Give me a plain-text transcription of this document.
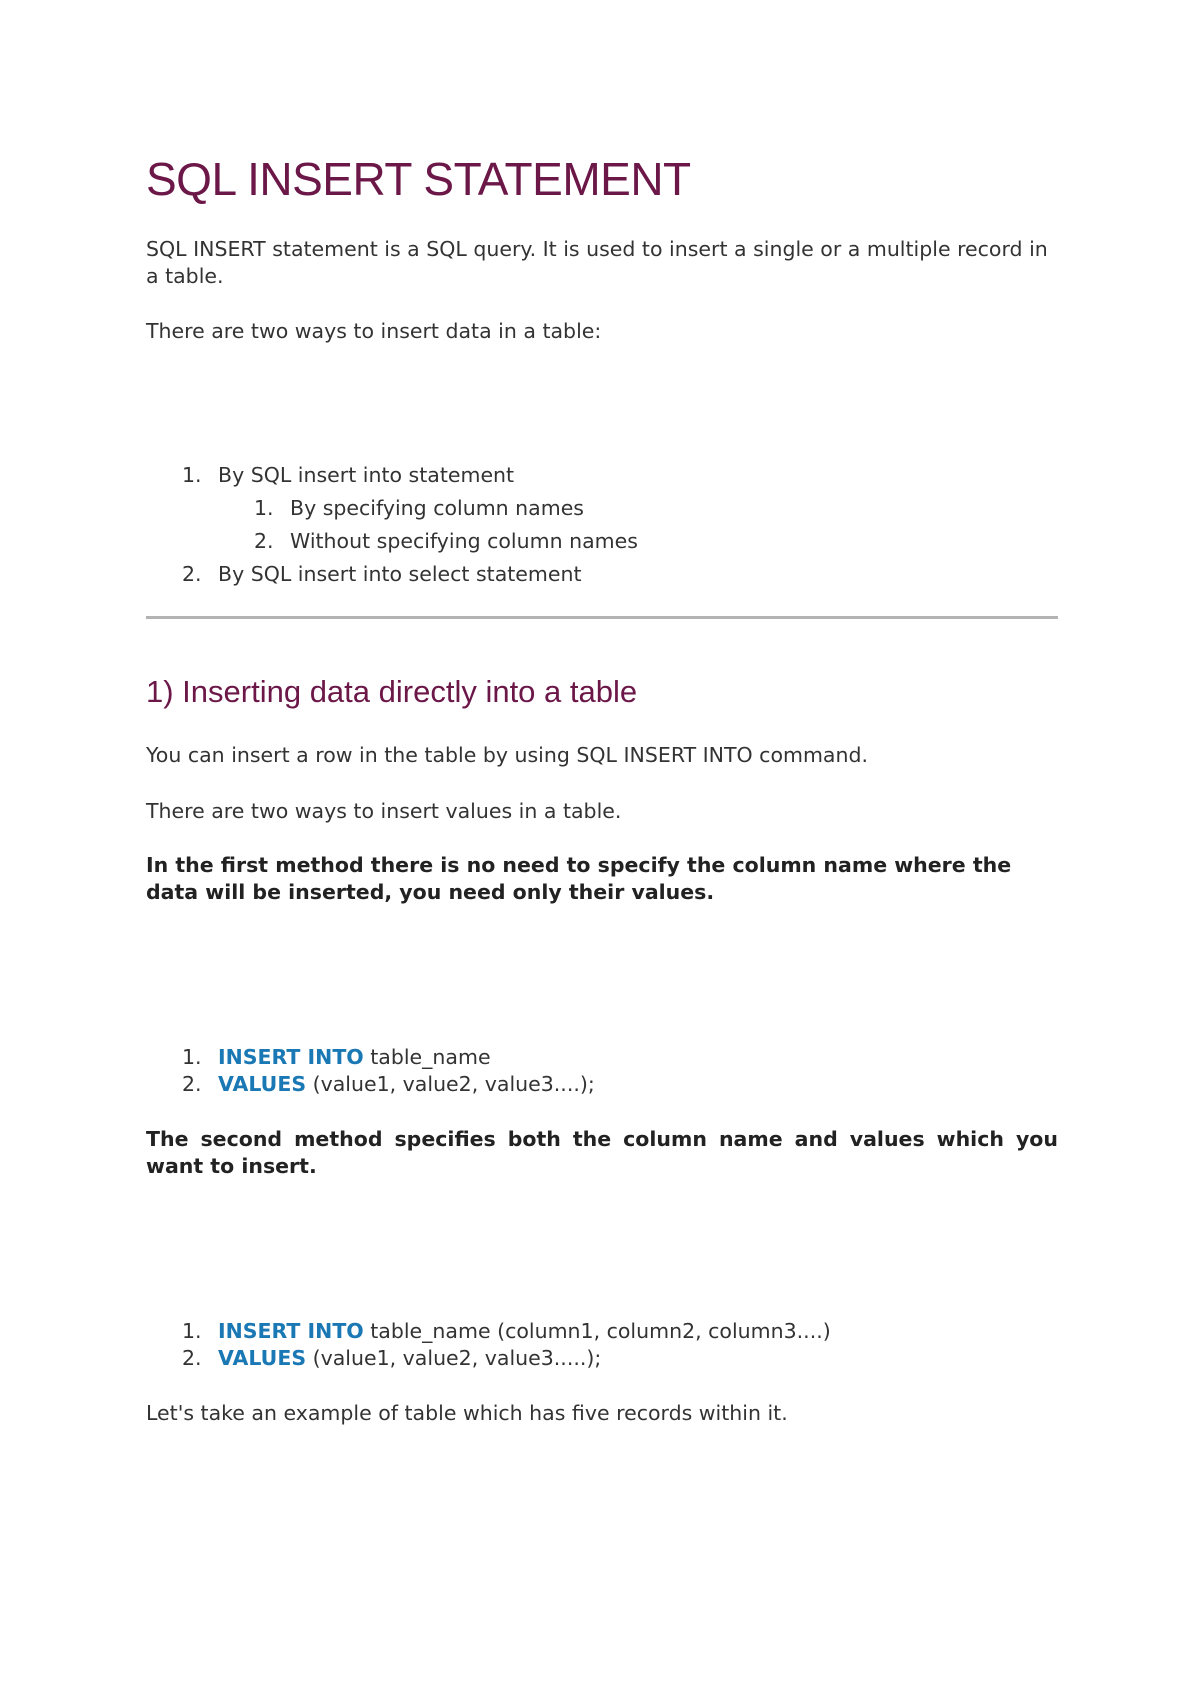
SQL INSERT STATEMENT

SQL INSERT statement is a SQL query. It is used to insert a single or a multiple record in a table.

There are two ways to insert data in a table:

1. By SQL insert into statement
1. By specifying column names
2. Without specifying column names
2. By SQL insert into select statement
1) Inserting data directly into a table

You can insert a row in the table by using SQL INSERT INTO command.

There are two ways to insert values in a table.

In the first method there is no need to specify the column name where the data will be inserted, you need only their values.

1. INSERT INTO table_name
2. VALUES (value1, value2, value3....);

The second method specifies both the column name and values which you want to insert.

1. INSERT INTO table_name (column1, column2, column3....)
2. VALUES (value1, value2, value3.....);

Let's take an example of table which has five records within it.
